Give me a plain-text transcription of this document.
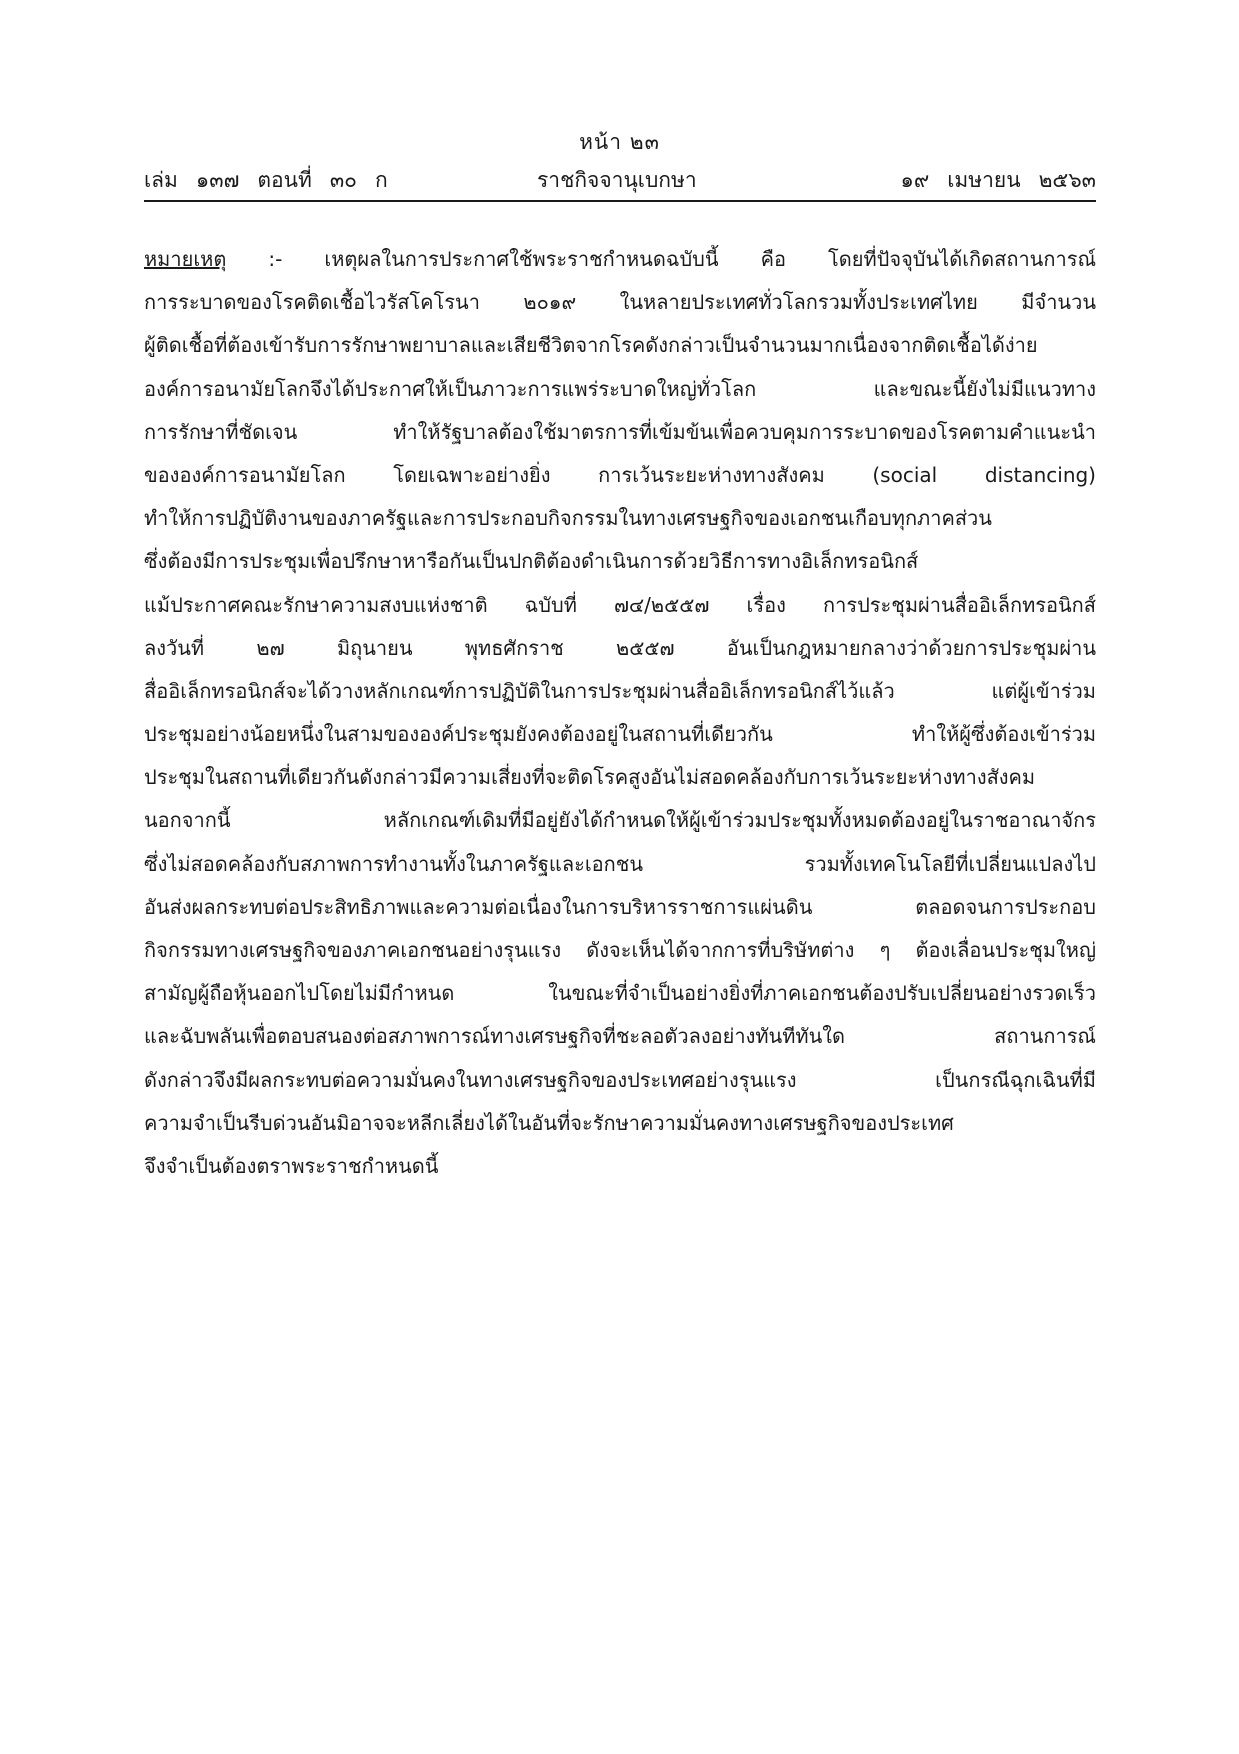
หน้า ๒๓
เล่ม ๑๓๗ ตอนที่ ๓๐ ก	ราชกิจจานุเบกษา	๑๙ เมษายน ๒๕๖๓
หมายเหตุ :- เหตุผลในการประกาศใช้พระราชกำหนดฉบับนี้ คือ โดยที่ปัจจุบันได้เกิดสถานการณ์
การระบาดของโรคติดเชื้อไวรัสโคโรนา ๒๐๑๙ ในหลายประเทศทั่วโลกรวมทั้งประเทศไทย มีจำนวน
ผู้ติดเชื้อที่ต้องเข้ารับการรักษาพยาบาลและเสียชีวิตจากโรคดังกล่าวเป็นจำนวนมากเนื่องจากติดเชื้อได้ง่าย
องค์การอนามัยโลกจึงได้ประกาศให้เป็นภาวะการแพร่ระบาดใหญ่ทั่วโลก และขณะนี้ยังไม่มีแนวทาง
การรักษาที่ชัดเจน ทำให้รัฐบาลต้องใช้มาตรการที่เข้มข้นเพื่อควบคุมการระบาดของโรคตามคำแนะนำ
ขององค์การอนามัยโลก โดยเฉพาะอย่างยิ่ง การเว้นระยะห่างทางสังคม (social distancing)
ทำให้การปฏิบัติงานของภาครัฐและการประกอบกิจกรรมในทางเศรษฐกิจของเอกชนเกือบทุกภาคส่วน
ซึ่งต้องมีการประชุมเพื่อปรึกษาหารือกันเป็นปกติต้องดำเนินการด้วยวิธีการทางอิเล็กทรอนิกส์
แม้ประกาศคณะรักษาความสงบแห่งชาติ ฉบับที่ ๗๔/๒๕๕๗ เรื่อง การประชุมผ่านสื่ออิเล็กทรอนิกส์
ลงวันที่ ๒๗ มิถุนายน พุทธศักราช ๒๕๕๗ อันเป็นกฎหมายกลางว่าด้วยการประชุมผ่าน
สื่ออิเล็กทรอนิกส์จะได้วางหลักเกณฑ์การปฏิบัติในการประชุมผ่านสื่ออิเล็กทรอนิกส์ไว้แล้ว แต่ผู้เข้าร่วม
ประชุมอย่างน้อยหนึ่งในสามขององค์ประชุมยังคงต้องอยู่ในสถานที่เดียวกัน ทำให้ผู้ซึ่งต้องเข้าร่วม
ประชุมในสถานที่เดียวกันดังกล่าวมีความเสี่ยงที่จะติดโรคสูงอันไม่สอดคล้องกับการเว้นระยะห่างทางสังคม
นอกจากนี้ หลักเกณฑ์เดิมที่มีอยู่ยังได้กำหนดให้ผู้เข้าร่วมประชุมทั้งหมดต้องอยู่ในราชอาณาจักร
ซึ่งไม่สอดคล้องกับสภาพการทำงานทั้งในภาครัฐและเอกชน รวมทั้งเทคโนโลยีที่เปลี่ยนแปลงไป
อันส่งผลกระทบต่อประสิทธิภาพและความต่อเนื่องในการบริหารราชการแผ่นดิน ตลอดจนการประกอบ
กิจกรรมทางเศรษฐกิจของภาคเอกชนอย่างรุนแรง ดังจะเห็นได้จากการที่บริษัทต่าง ๆ ต้องเลื่อนประชุมใหญ่
สามัญผู้ถือหุ้นออกไปโดยไม่มีกำหนด ในขณะที่จำเป็นอย่างยิ่งที่ภาคเอกชนต้องปรับเปลี่ยนอย่างรวดเร็ว
และฉับพลันเพื่อตอบสนองต่อสภาพการณ์ทางเศรษฐกิจที่ชะลอตัวลงอย่างทันทีทันใด สถานการณ์
ดังกล่าวจึงมีผลกระทบต่อความมั่นคงในทางเศรษฐกิจของประเทศอย่างรุนแรง เป็นกรณีฉุกเฉินที่มี
ความจำเป็นรีบด่วนอันมิอาจจะหลีกเลี่ยงได้ในอันที่จะรักษาความมั่นคงทางเศรษฐกิจของประเทศ
จึงจำเป็นต้องตราพระราชกำหนดนี้
